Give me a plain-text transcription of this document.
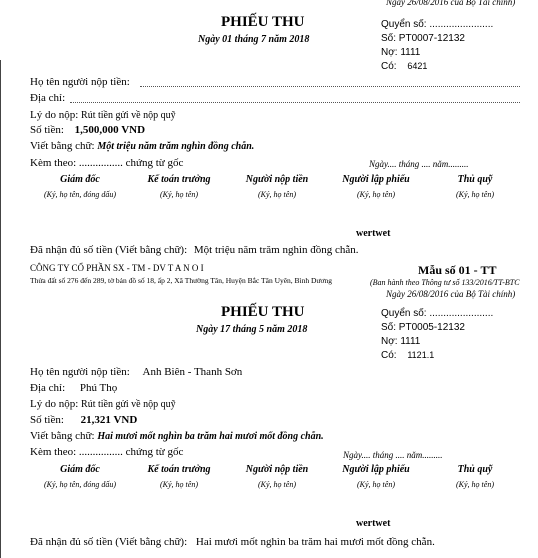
Ngày 26/08/2016 của Bộ Tài chính)
PHIẾU THU
Ngày 01 tháng 7 năm 2018
Quyển số: .......................
Số: PT0007-12132
Nợ: 1111
Có: 6421
Họ tên người nộp tiền:
Địa chỉ:
Lý do nộp: Rút tiền gửi về nộp quỹ
Số tiền: 1,500,000 VND
Viết bằng chữ: Một triệu năm trăm nghìn đồng chẵn.
Kèm theo: ................ chứng từ gốc	Ngày.... tháng .... năm.........
Giám đốc
(Ký, họ tên, đóng dấu)
Kế toán trưởng
(Ký, họ tên)
Người nộp tiền
(Ký, họ tên)
Người lập phiếu
(Ký, họ tên)
Thủ quỹ
(Ký, họ tên)
wertwet
Đã nhận đủ số tiền (Viết bằng chữ): Một triệu năm trăm nghìn đồng chẵn.
CÔNG TY CỔ PHẦN SX - TM - DV T A N O I
Thửa đất số 276 đến 289, tờ bản đồ số 18, ấp 2, Xã Thường Tân, Huyện Bắc Tân Uyên, Bình Dương
Mẫu số 01 - TT
(Ban hành theo Thông tư số 133/2016/TT-BTC
Ngày 26/08/2016 của Bộ Tài chính)
PHIẾU THU
Ngày 17 tháng 5 năm 2018
Quyển số: .......................
Số: PT0005-12132
Nợ: 1111
Có: 1121.1
Họ tên người nộp tiền: Anh Biên - Thanh Sơn
Địa chỉ: Phú Thọ
Lý do nộp: Rút tiền gửi về nộp quỹ
Số tiền: 21,321 VND
Viết bằng chữ: Hai mươi mốt nghìn ba trăm hai mươi mốt đồng chẵn.
Kèm theo: ................ chứng từ gốc	Ngày.... tháng .... năm.........
Giám đốc
(Ký, họ tên, đóng dấu)
Kế toán trưởng
(Ký, họ tên)
Người nộp tiền
(Ký, họ tên)
Người lập phiếu
(Ký, họ tên)
Thủ quỹ
(Ký, họ tên)
wertwet
Đã nhận đủ số tiền (Viết bằng chữ): Hai mươi mốt nghìn ba trăm hai mươi mốt đồng chẵn.
